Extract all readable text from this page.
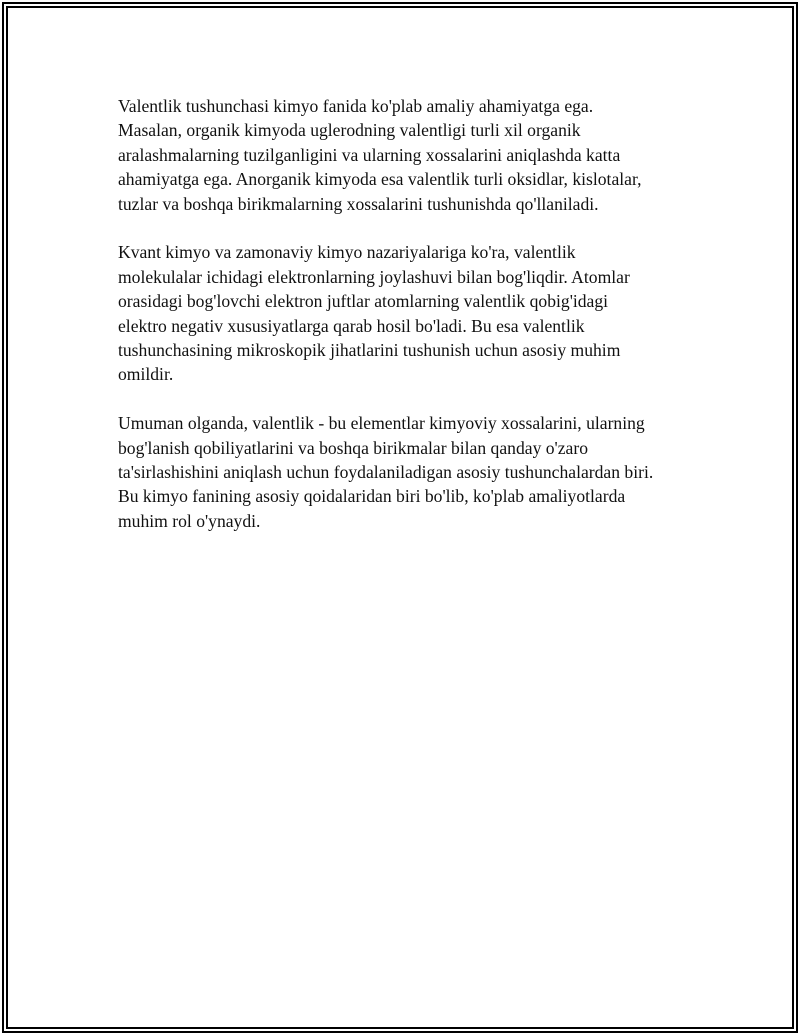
Valentlik tushunchasi kimyo fanida ko'plab amaliy ahamiyatga ega.
Masalan, organik kimyoda uglerodning valentligi turli xil organik
aralashmalarning tuzilganligini va ularning xossalarini aniqlashda katta
ahamiyatga ega. Anorganik kimyoda esa valentlik turli oksidlar, kislotalar,
tuzlar va boshqa birikmalarning xossalarini tushunishda qo'llaniladi.

Kvant kimyo va zamonaviy kimyo nazariyalariga ko'ra, valentlik
molekulalar ichidagi elektronlarning joylashuvi bilan bog'liqdir. Atomlar
orasidagi bog'lovchi elektron juftlar atomlarning valentlik qobig'idagi
elektro negativ xususiyatlarga qarab hosil bo'ladi. Bu esa valentlik
tushunchasining mikroskopik jihatlarini tushunish uchun asosiy muhim
omildir.

Umuman olganda, valentlik - bu elementlar kimyoviy xossalarini, ularning
bog'lanish qobiliyatlarini va boshqa birikmalar bilan qanday o'zaro
ta'sirlashishini aniqlash uchun foydalaniladigan asosiy tushunchalardan biri.
Bu kimyo fanining asosiy qoidalaridan biri bo'lib, ko'plab amaliyotlarda
muhim rol o'ynaydi.
